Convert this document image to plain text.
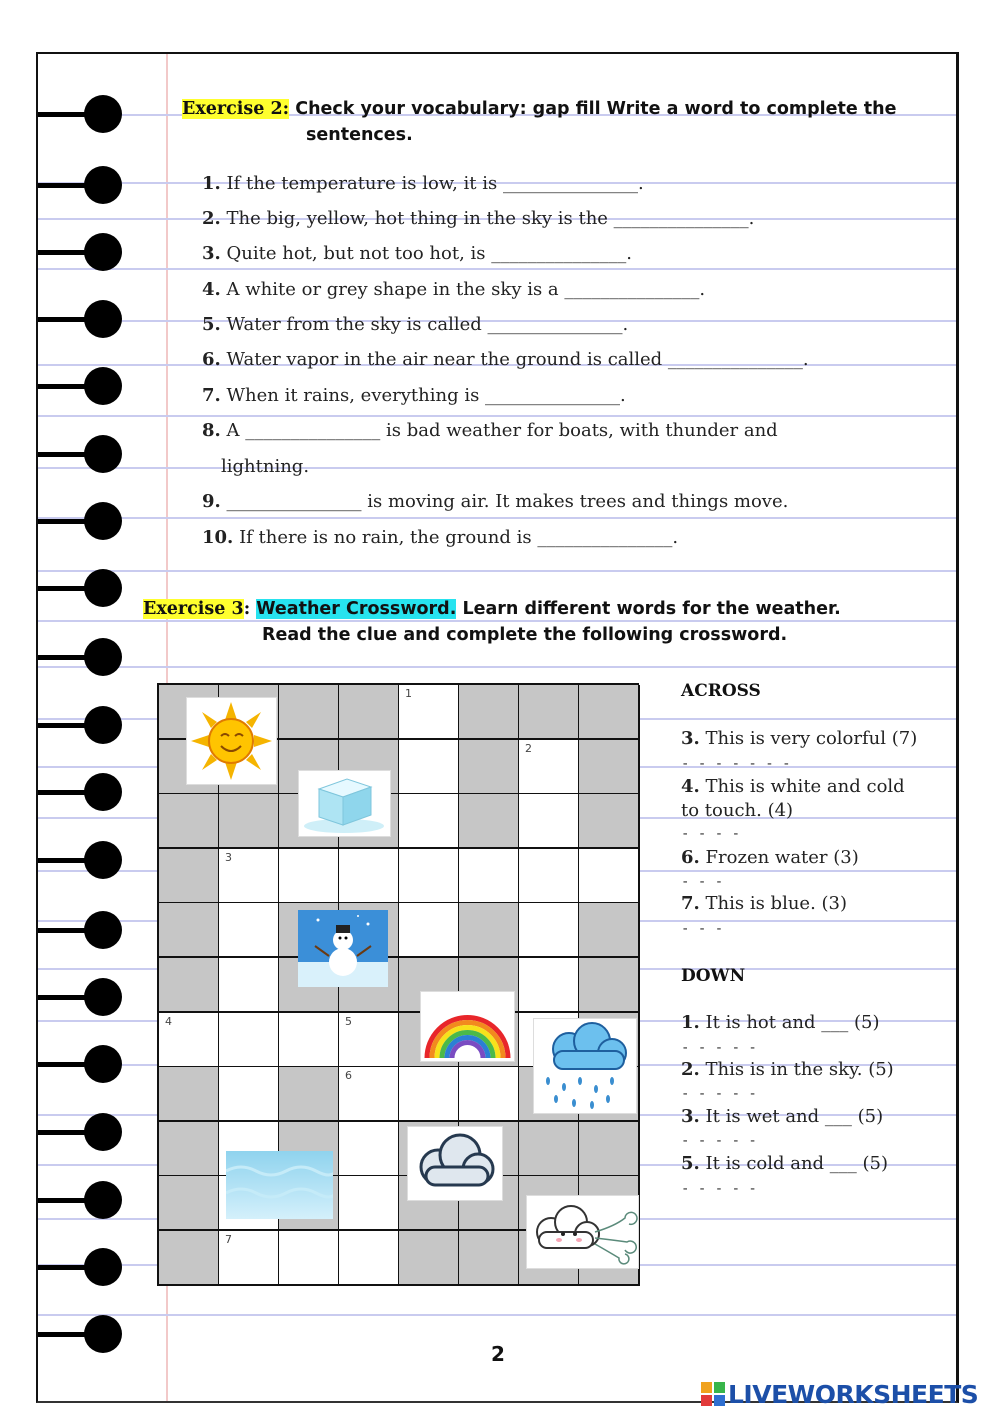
Exercise 2: Check your vocabulary: gap fill Write a word to complete the
sentences.
1. If the temperature is low, it is _______________.
2. The big, yellow, hot thing in the sky is the _______________.
3. Quite hot, but not too hot, is _______________.
4. A white or grey shape in the sky is a _______________.
5. Water from the sky is called _______________.
6. Water vapor in the air near the ground is called _______________.
7. When it rains, everything is _______________.
8. A _______________ is bad weather for boats, with thunder and
lightning.
9. _______________ is moving air. It makes trees and things move.
10. If there is no rain, the ground is _______________.
Exercise 3: Weather Crossword. Learn different words for the weather.
Read the clue and complete the following crossword.
1
2
3
4	5
6
7
ACROSS
3. This is very colorful (7)
- - - - - - -
4. This is white and cold
to touch. (4)
- - - -
6. Frozen water (3)
- - -
7. This is blue. (3)
- - -
DOWN
1. It is hot and ___ (5)
- - - - -
2. This is in the sky. (5)
- - - - -
3. It is wet and ___ (5)
- - - - -
5. It is cold and ___ (5)
- - - - -
2
LIVEWORKSHEETS
